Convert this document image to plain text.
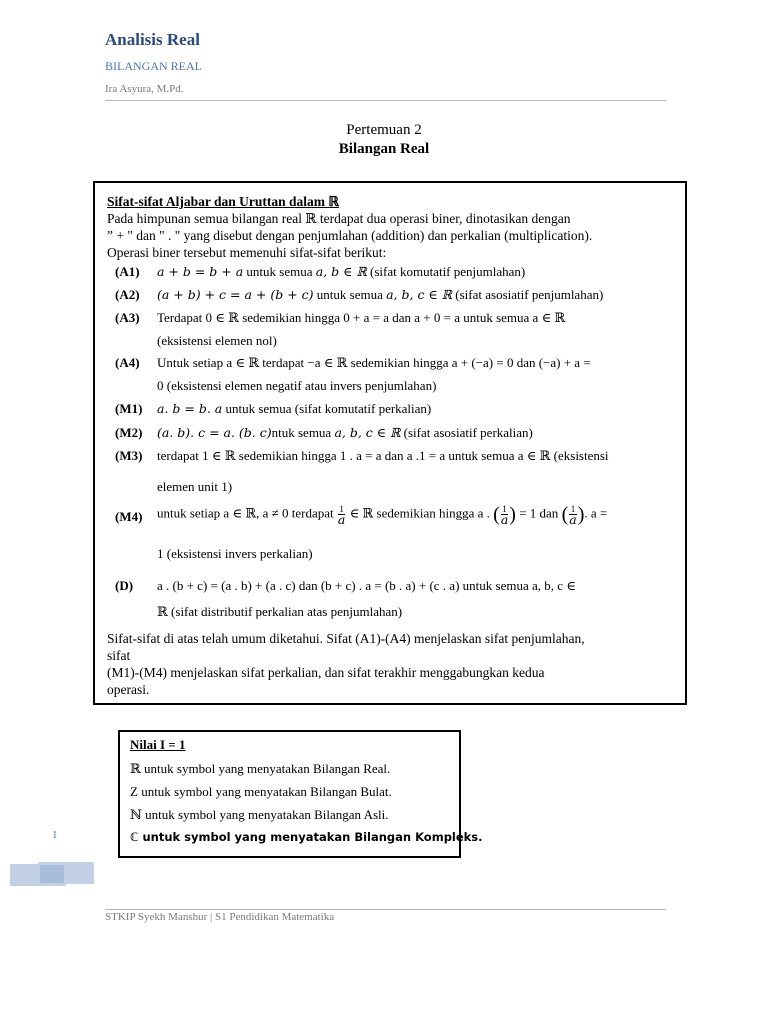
Analisis Real
BILANGAN REAL
Ira Asyura, M.Pd.
Pertemuan 2
Bilangan Real
Sifat-sifat Aljabar dan Uruttan dalam ℝ
Pada himpunan semua bilangan real ℝ terdapat dua operasi biner, dinotasikan dengan
” + " dan " . " yang disebut dengan penjumlahan (addition) dan perkalian (multiplication).
Operasi biner tersebut memenuhi sifat-sifat berikut:
(A1) a + b = b + a untuk semua a, b ∈ ℝ (sifat komutatif penjumlahan)
(A2) (a + b) + c = a + (b + c) untuk semua a, b, c ∈ ℝ (sifat asosiatif penjumlahan)
(A3) Terdapat 0 ∈ ℝ sedemikian hingga 0 + a = a dan a + 0 = a untuk semua a ∈ ℝ
(eksistensi elemen nol)
(A4) Untuk setiap a ∈ ℝ terdapat −a ∈ ℝ sedemikian hingga a + (−a) = 0 dan (−a) + a =
0 (eksistensi elemen negatif atau invers penjumlahan)
(M1) a. b = b. a untuk semua (sifat komutatif perkalian)
(M2) (a. b). c = a. (b. c)ntuk semua a, b, c ∈ ℝ (sifat asosiatif perkalian)
(M3) terdapat 1 ∈ ℝ sedemikian hingga 1 . a = a dan a .1 = a untuk semua a ∈ ℝ (eksistensi
elemen unit 1)
(M4) untuk setiap a ∈ ℝ, a ≠ 0 terdapat $\frac{1}{a}$ ∈ ℝ sedemikian hingga a . ( $\frac{1}{a}$ ) = 1 dan ( $\frac{1}{a}$ ). a =
1 (eksistensi invers perkalian)
(D) a . (b + c) = (a . b) + (a . c) dan (b + c) . a = (b . a) + (c . a) untuk semua a, b, c ∈
ℝ (sifat distributif perkalian atas penjumlahan)
Sifat-sifat di atas telah umum diketahui. Sifat (A1)-(A4) menjelaskan sifat penjumlahan,
sifat
(M1)-(M4) menjelaskan sifat perkalian, dan sifat terakhir menggabungkan kedua
operasi.
Nilai I = 1
ℝ untuk symbol yang menyatakan Bilangan Real.
Z untuk symbol yang menyatakan Bilangan Bulat.
ℕ untuk symbol yang menyatakan Bilangan Asli.
ℂ untuk symbol yang menyatakan Bilangan Kompleks.
1
STKIP Syekh Manshur | S1 Pendidikan Matematika
